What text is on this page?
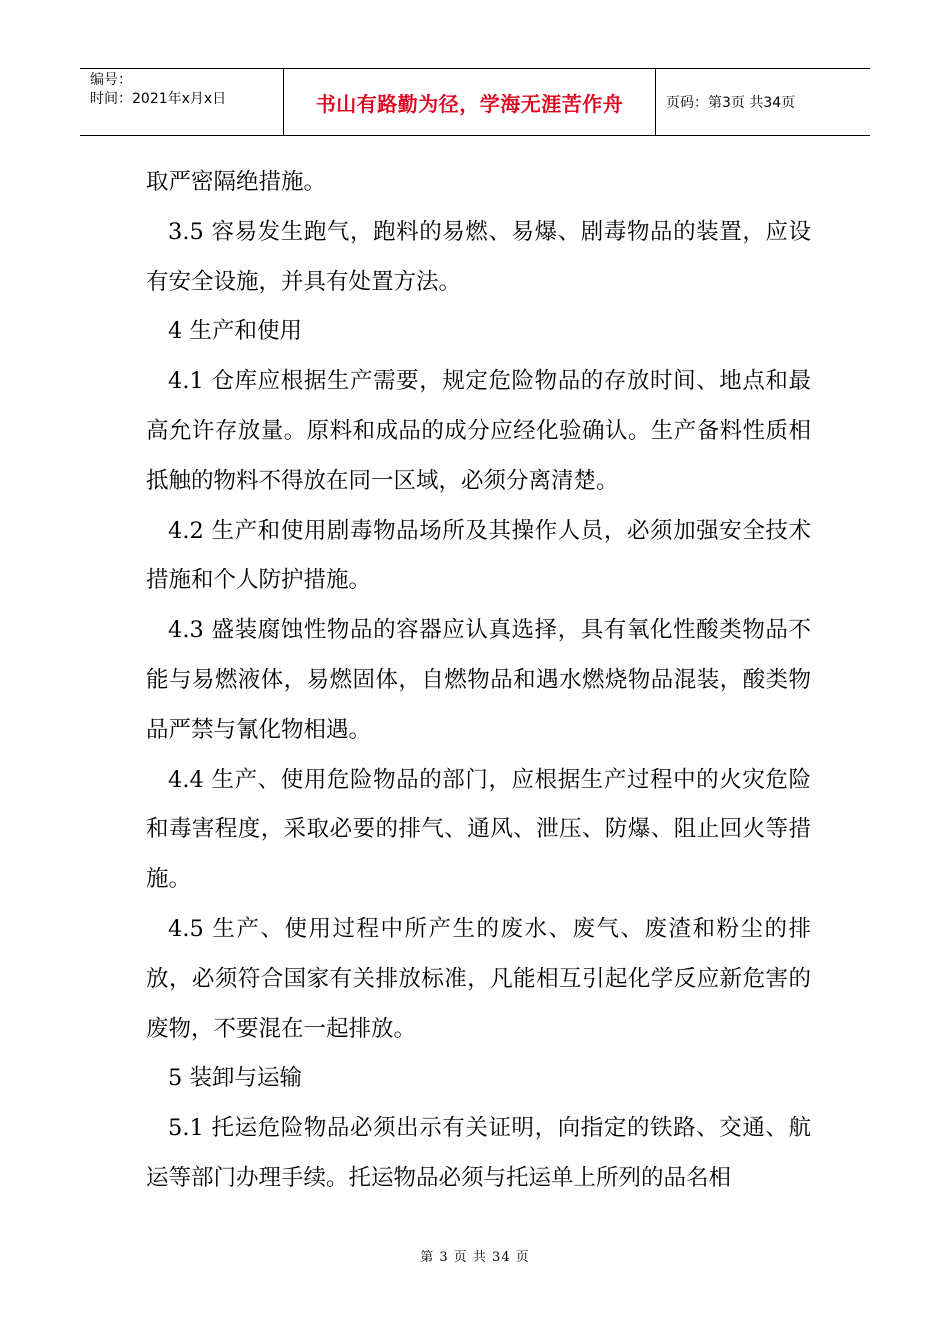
编号：
时间：2021年x月x日	书山有路勤为径，学海无涯苦作舟	页码：第3页 共34页

取严密隔绝措施。

3.5 容易发生跑气，跑料的易燃、易爆、剧毒物品的装置，应设有安全设施，并具有处置方法。

4 生产和使用

4.1 仓库应根据生产需要，规定危险物品的存放时间、地点和最高允许存放量。原料和成品的成分应经化验确认。生产备料性质相抵触的物料不得放在同一区域，必须分离清楚。

4.2 生产和使用剧毒物品场所及其操作人员，必须加强安全技术措施和个人防护措施。

4.3 盛装腐蚀性物品的容器应认真选择，具有氧化性酸类物品不能与易燃液体，易燃固体，自燃物品和遇水燃烧物品混装，酸类物品严禁与氰化物相遇。

4.4 生产、使用危险物品的部门，应根据生产过程中的火灾危险和毒害程度，采取必要的排气、通风、泄压、防爆、阻止回火等措施。

4.5 生产、使用过程中所产生的废水、废气、废渣和粉尘的排放，必须符合国家有关排放标准，凡能相互引起化学反应新危害的废物，不要混在一起排放。

5 装卸与运输

5.1 托运危险物品必须出示有关证明，向指定的铁路、交通、航运等部门办理手续。托运物品必须与托运单上所列的品名相

第 3 页 共 34 页
